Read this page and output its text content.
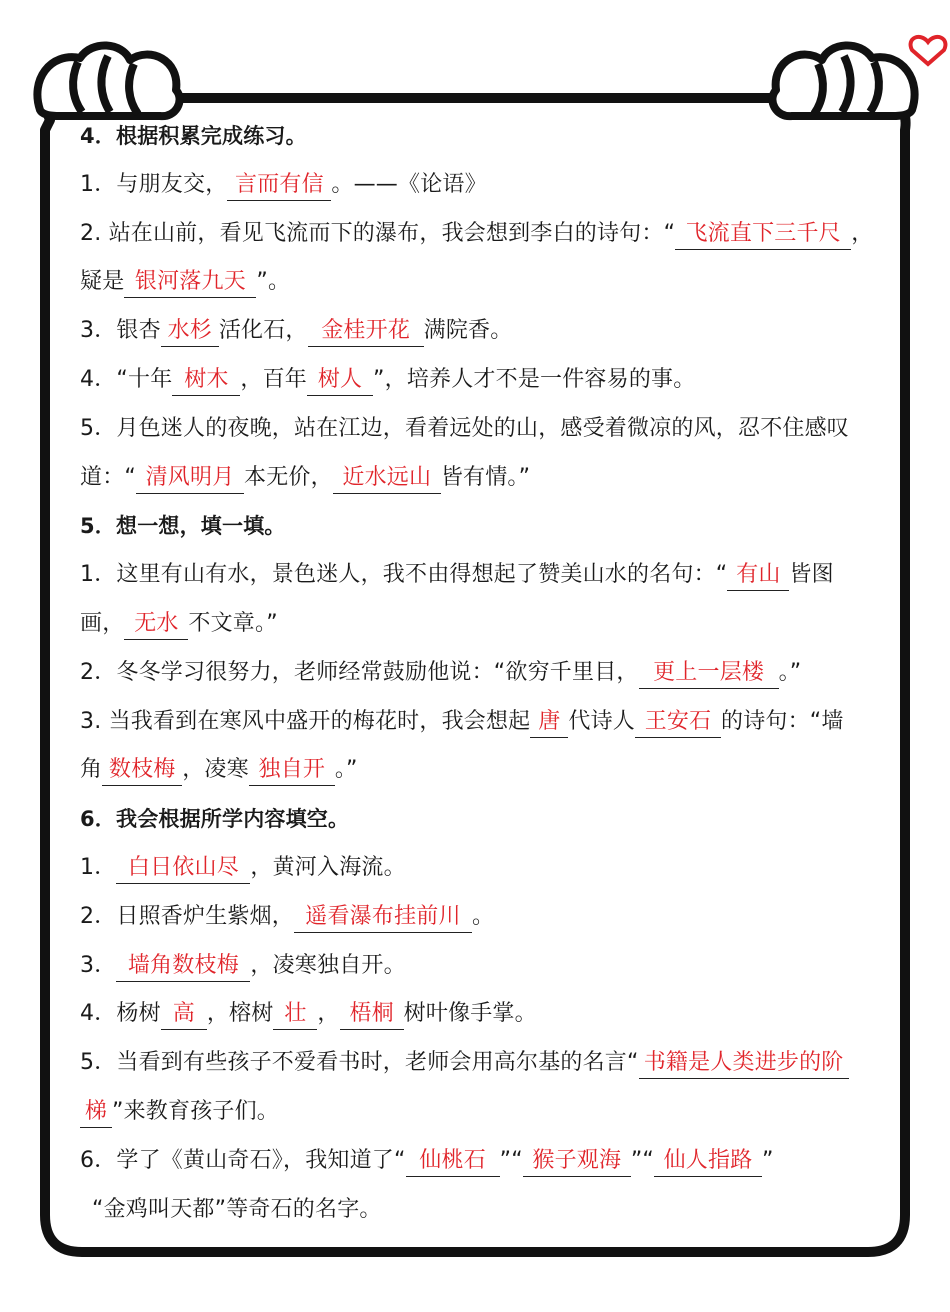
4．根据积累完成练习。
1．与朋友交， 言而有信 。——《论语》
2. 站在山前，看见飞流而下的瀑布，我会想到李白的诗句：“ 飞流直下三千尺 ，
疑是 银河落九天 ”。
3．银杏 水杉 活化石， 金桂开花 满院香。
4．“十年 树木 ，百年 树人 ”，培养人才不是一件容易的事。
5．月色迷人的夜晚，站在江边，看着远处的山，感受着微凉的风，忍不住感叹
道：“ 清风明月 本无价， 近水远山 皆有情。”
5．想一想，填一填。
1．这里有山有水，景色迷人，我不由得想起了赞美山水的名句：“ 有山 皆图
画， 无水 不文章。”
2．冬冬学习很努力，老师经常鼓励他说：“欲穷千里目， 更上一层楼 。”
3. 当我看到在寒风中盛开的梅花时，我会想起 唐 代诗人 王安石 的诗句：“墙
角 数枝梅 ，凌寒 独自开 。”
6．我会根据所学内容填空。
1． 白日依山尽 ，黄河入海流。
2．日照香炉生紫烟， 遥看瀑布挂前川 。
3． 墙角数枝梅 ，凌寒独自开。
4．杨树 高 ，榕树 壮 ， 梧桐 树叶像手掌。
5．当看到有些孩子不爱看书时，老师会用高尔基的名言“ 书籍是人类进步的阶
梯 ”来教育孩子们。
6．学了《黄山奇石》，我知道了“ 仙桃石 ”“ 猴子观海 ”“ 仙人指路 ”
“金鸡叫天都”等奇石的名字。
